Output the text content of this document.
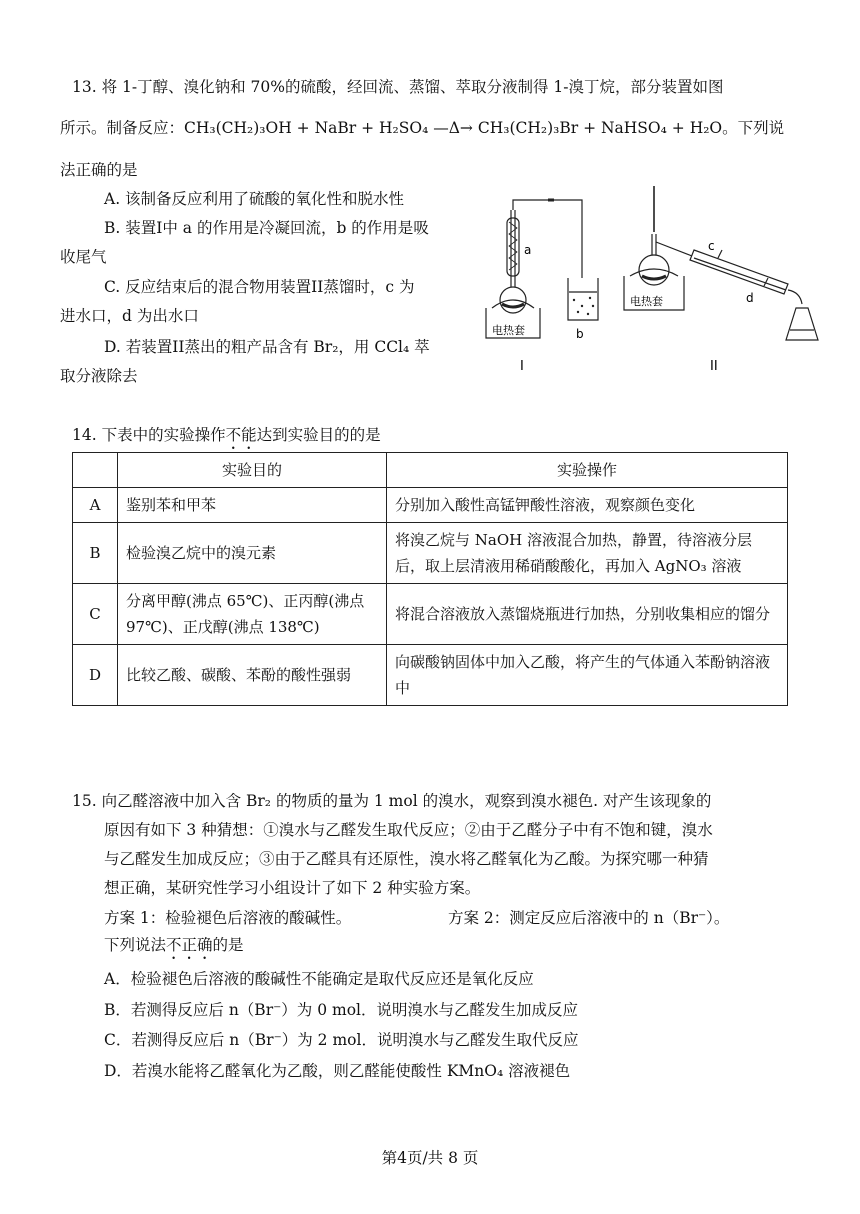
13. 将 1-丁醇、溴化钠和 70%的硫酸，经回流、蒸馏、萃取分液制得 1-溴丁烷，部分装置如图
所示。制备反应：CH₃(CH₂)₃OH + NaBr + H₂SO₄ —Δ→ CH₃(CH₂)₃Br + NaHSO₄ + H₂O。下列说
法正确的是
A. 该制备反应利用了硫酸的氧化性和脱水性
B. 装置I中 a 的作用是冷凝回流，b 的作用是吸
收尾气
C. 反应结束后的混合物用装置II蒸馏时，c 为
进水口，d 为出水口
D. 若装置II蒸出的粗产品含有 Br₂，用 CCl₄ 萃
取分液除去
a
b
c
d
电热套
电热套
I	II
14. 下表中的实验操作不能达到实验目的的是
	实验目的	实验操作
A	鉴别苯和甲苯	分别加入酸性高锰钾酸性溶液，观察颜色变化
B	检验溴乙烷中的溴元素	将溴乙烷与 NaOH 溶液混合加热，静置，待溶液分层后，取上层清液用稀硝酸酸化，再加入 AgNO₃ 溶液
C	分离甲醇(沸点 65℃)、正丙醇(沸点 97℃)、正戊醇(沸点 138℃)	将混合溶液放入蒸馏烧瓶进行加热，分别收集相应的馏分
D	比较乙酸、碳酸、苯酚的酸性强弱	向碳酸钠固体中加入乙酸，将产生的气体通入苯酚钠溶液中
15. 向乙醛溶液中加入含 Br₂ 的物质的量为 1 mol 的溴水，观察到溴水褪色. 对产生该现象的
原因有如下 3 种猜想：①溴水与乙醛发生取代反应；②由于乙醛分子中有不饱和键，溴水
与乙醛发生加成反应；③由于乙醛具有还原性，溴水将乙醛氧化为乙酸。为探究哪一种猜
想正确，某研究性学习小组设计了如下 2 种实验方案。
方案 1：检验褪色后溶液的酸碱性。	方案 2：测定反应后溶液中的 n（Br⁻）。
下列说法不正确的是
A．检验褪色后溶液的酸碱性不能确定是取代反应还是氧化反应
B．若测得反应后 n（Br⁻）为 0 mol．说明溴水与乙醛发生加成反应
C．若测得反应后 n（Br⁻）为 2 mol．说明溴水与乙醛发生取代反应
D．若溴水能将乙醛氧化为乙酸，则乙醛能使酸性 KMnO₄ 溶液褪色
第4页/共 8 页
